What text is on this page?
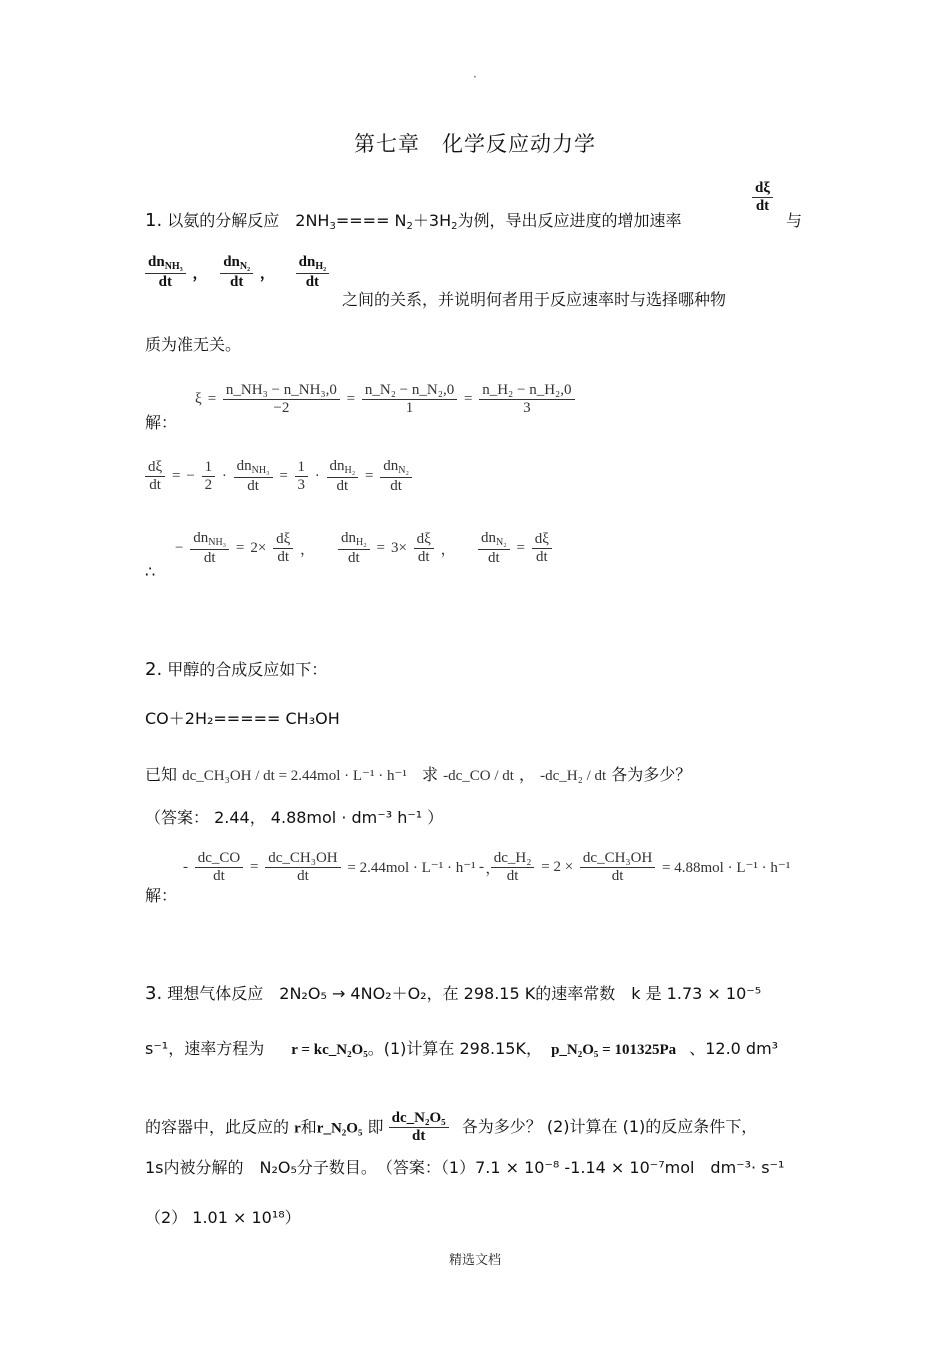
·
第七章　化学反应动力学
1. 以氨的分解反应　$2NH_3==== N_2+3H_2$为例，导出反应进度的增加速率
$\frac{d\xi}{dt}$
与
$\frac{dn_{NH_3}}{dt}$ ， $\frac{dn_{N_2}}{dt}$ ， $\frac{dn_{H_2}}{dt}$
之间的关系，并说明何者用于反应速率时与选择哪种物
质为准无关。
解：
$\xi = \frac{\text{n\_NH₃ − n\_NH₃,0}}{-2} = \frac{\text{n\_N₂ − n\_N₂,0}}{1} = \frac{\text{n\_H₂ − n\_H₂,0}}{3}$
$\frac{d\xi}{dt}$ = − $\frac{1}{2} \cdot \frac{dn_{NH_3}}{dt} = \frac{1}{3} \cdot \frac{dn_{H_2}}{dt} = \frac{dn_{N_2}}{dt}$
∴
− $\frac{dn_{NH_3}}{dt} = 2\times \frac{d\xi}{dt}$ ， $\frac{dn_{H_2}}{dt} = 3\times \frac{d\xi}{dt}$ ， $\frac{dn_{N_2}}{dt} = \frac{d\xi}{dt}$
2. 甲醇的合成反应如下：
CO＋2H₂===== CH₃OH
已知 dc_CH₃OH / dt = 2.44mol · L⁻¹ · h⁻¹ 求 -dc_CO / dt ， -dc_H₂ / dt 各为多少？
（答案： 2.44， 4.88mol · dm⁻³ h⁻¹ ）
解：
- $\frac{dc\_CO}{dt} = \frac{\text{dc\_CH₃OH}}{dt} = 2.44mol \cdot L^{-1} \cdot h^{-1}$ ，
- $\frac{\text{dc\_H₂}}{dt} = 2 \times \frac{\text{dc\_CH₃OH}}{dt} = 4.88mol \cdot L^{-1} \cdot h^{-1}$
3. 理想气体反应　2N₂O₅ → 4NO₂＋O₂，在 298.15 K的速率常数　k 是 1.73 × 10⁻⁵
s⁻¹，速率方程为 r = kc_N₂O₅。(1)计算在 298.15K， p_N₂O₅ = 101325Pa 、12.0 dm³
的容器中，此反应的 r和r_N₂O₅ 即 $\frac{\text{dc\_N₂O₅}}{dt}$ 各为多少？ (2)计算在 (1)的反应条件下，
1s内被分解的　N₂O₅分子数目。　（答案：（1）7.1 × 10⁻⁸ -1.14 × 10⁻⁷mol　dm⁻³· s⁻¹
（2） 1.01 × 10¹⁸）
精选文档
